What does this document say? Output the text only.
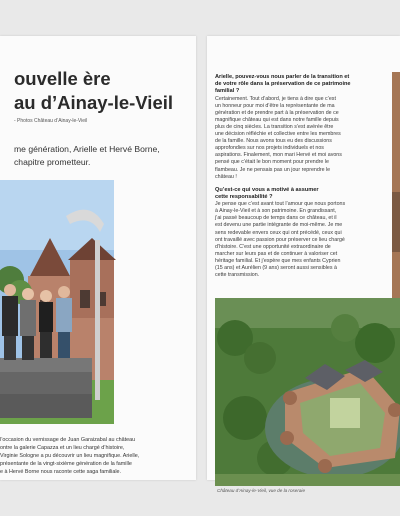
ouvelle ère
au d’Ainay-le-Vieil
- Photos Château d’Ainay-le-Vieil
me génération, Arielle et Hervé Borne,
chapitre prometteur.
l’occasion du vernissage de Juan Garaizabal au château
ontre la galerie Capazza et un lieu chargé d’histoire,
Virginie Sologne a pu découvrir un lieu magnifique. Arielle,
présentante de la vingt-sixième génération de la famille
e à Hervé Borne nous raconte cette saga familiale.
Arielle, pouvez-vous nous parler de la transition et
de votre rôle dans la préservation de ce patrimoine
familial ?
Certainement. Tout d’abord, je tiens à dire que c’est
un honneur pour moi d’être la représentante de ma
génération et de prendre part à la préservation de ce
magnifique château qui est dans notre famille depuis
plus de cinq siècles. La transition s’est avérée être
une décision réfléchie et collective entre les membres
de la famille. Nous avons tous eu des discussions
approfondies sur nos projets individuels et nos
aspirations. Finalement, mon mari Hervé et moi avons
pensé que c’était le bon moment pour prendre le
flambeau. Je ne pensais pas un jour reprendre le
château !
Qu’est-ce qui vous a motivé à assumer
cette responsabilité ?
Je pense que c’est avant tout l’amour que nous portons
à Ainay-le-Vieil et à son patrimoine. En grandissant,
j’ai passé beaucoup de temps dans ce château, et il
est devenu une partie intégrante de moi-même. Je me
sens redevable envers ceux qui ont précédé, ceux qui
ont travaillé avec passion pour préserver ce lieu chargé
d’histoire. C’est une opportunité extraordinaire de
marcher sur leurs pas et de continuer à valoriser cet
héritage familial. Et j’espère que mes enfants Cyprien
(15 ans) et Aurélien (9 ans) seront aussi sensibles à
cette transmission.
Château d’Ainay-le-Vieil, vue de la roseraie
